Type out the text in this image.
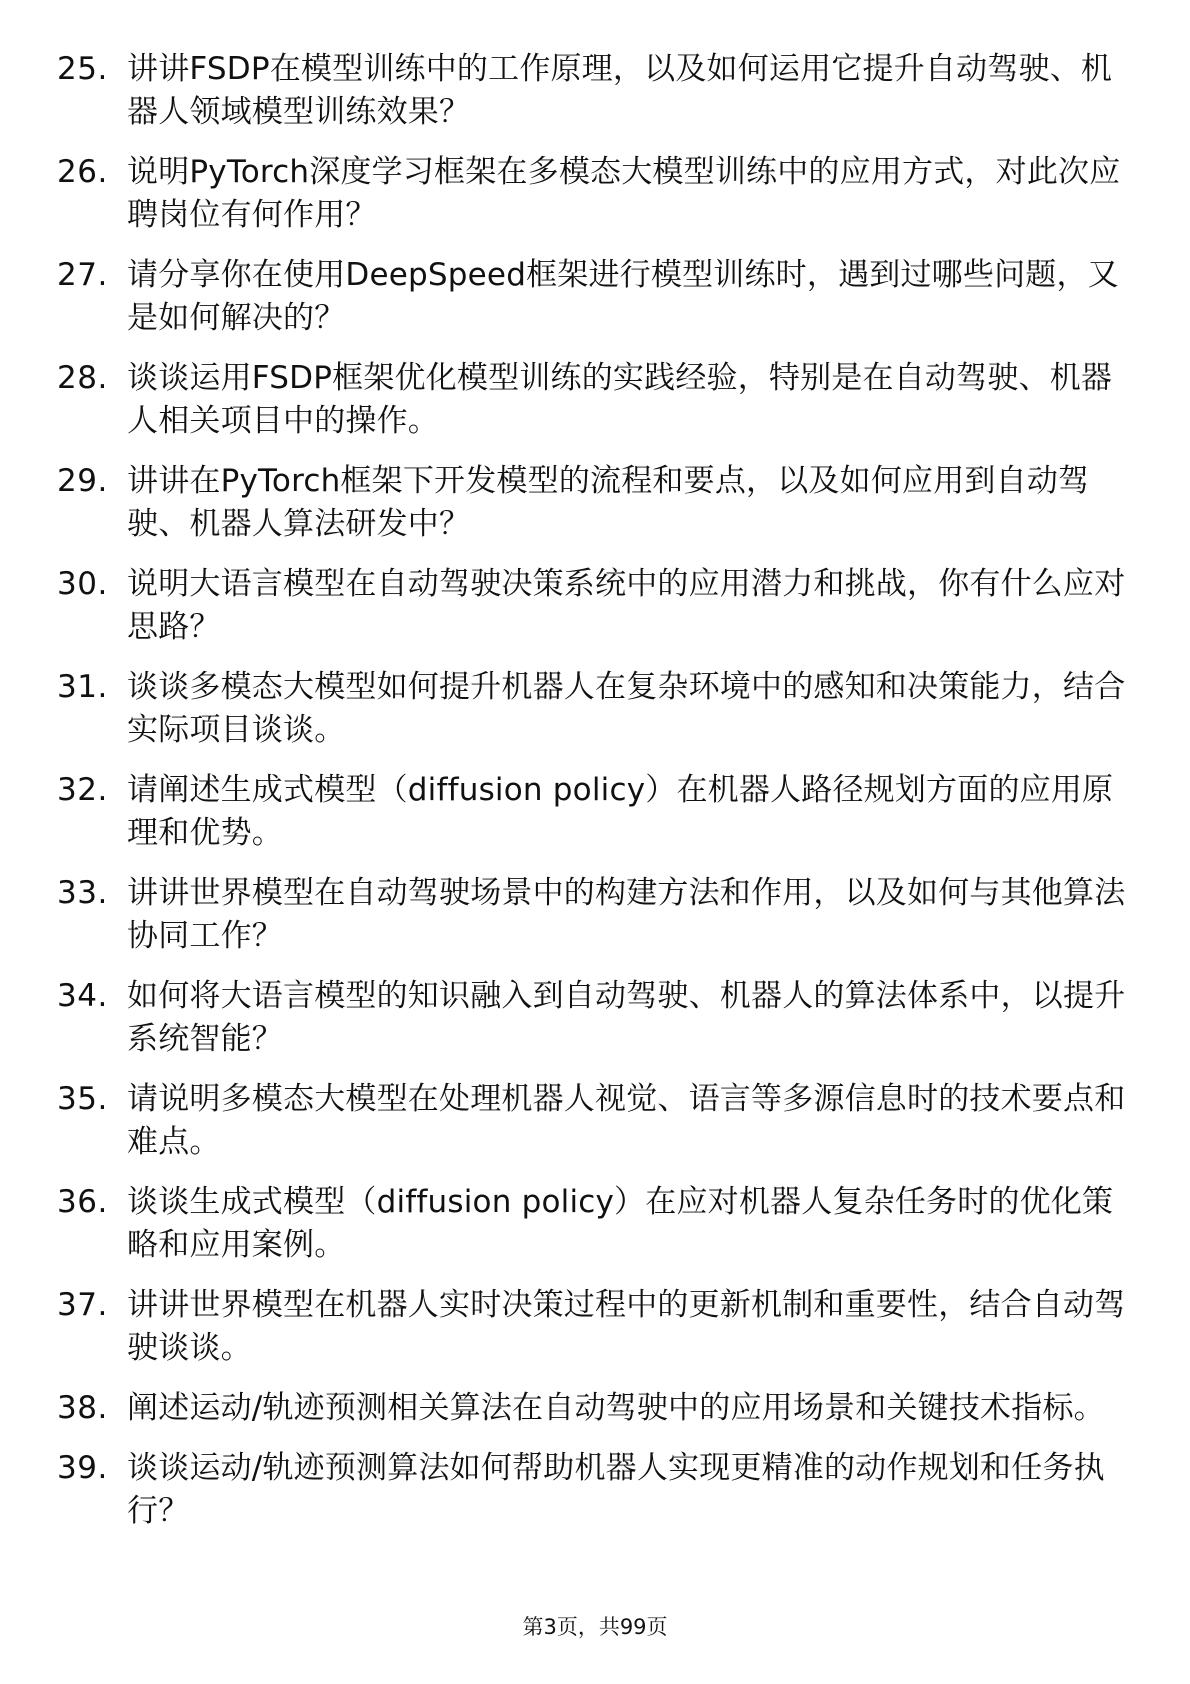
25. 讲讲FSDP在模型训练中的工作原理，以及如何运用它提升自动驾驶、机器人领域模型训练效果？
26. 说明PyTorch深度学习框架在多模态大模型训练中的应用方式，对此次应聘岗位有何作用？
27. 请分享你在使用DeepSpeed框架进行模型训练时，遇到过哪些问题，又是如何解决的？
28. 谈谈运用FSDP框架优化模型训练的实践经验，特别是在自动驾驶、机器人相关项目中的操作。
29. 讲讲在PyTorch框架下开发模型的流程和要点，以及如何应用到自动驾驶、机器人算法研发中？
30. 说明大语言模型在自动驾驶决策系统中的应用潜力和挑战，你有什么应对思路？
31. 谈谈多模态大模型如何提升机器人在复杂环境中的感知和决策能力，结合实际项目谈谈。
32. 请阐述生成式模型（diffusion policy）在机器人路径规划方面的应用原理和优势。
33. 讲讲世界模型在自动驾驶场景中的构建方法和作用，以及如何与其他算法协同工作？
34. 如何将大语言模型的知识融入到自动驾驶、机器人的算法体系中，以提升系统智能？
35. 请说明多模态大模型在处理机器人视觉、语言等多源信息时的技术要点和难点。
36. 谈谈生成式模型（diffusion policy）在应对机器人复杂任务时的优化策略和应用案例。
37. 讲讲世界模型在机器人实时决策过程中的更新机制和重要性，结合自动驾驶谈谈。
38. 阐述运动/轨迹预测相关算法在自动驾驶中的应用场景和关键技术指标。
39. 谈谈运动/轨迹预测算法如何帮助机器人实现更精准的动作规划和任务执行？
第3页，共99页
